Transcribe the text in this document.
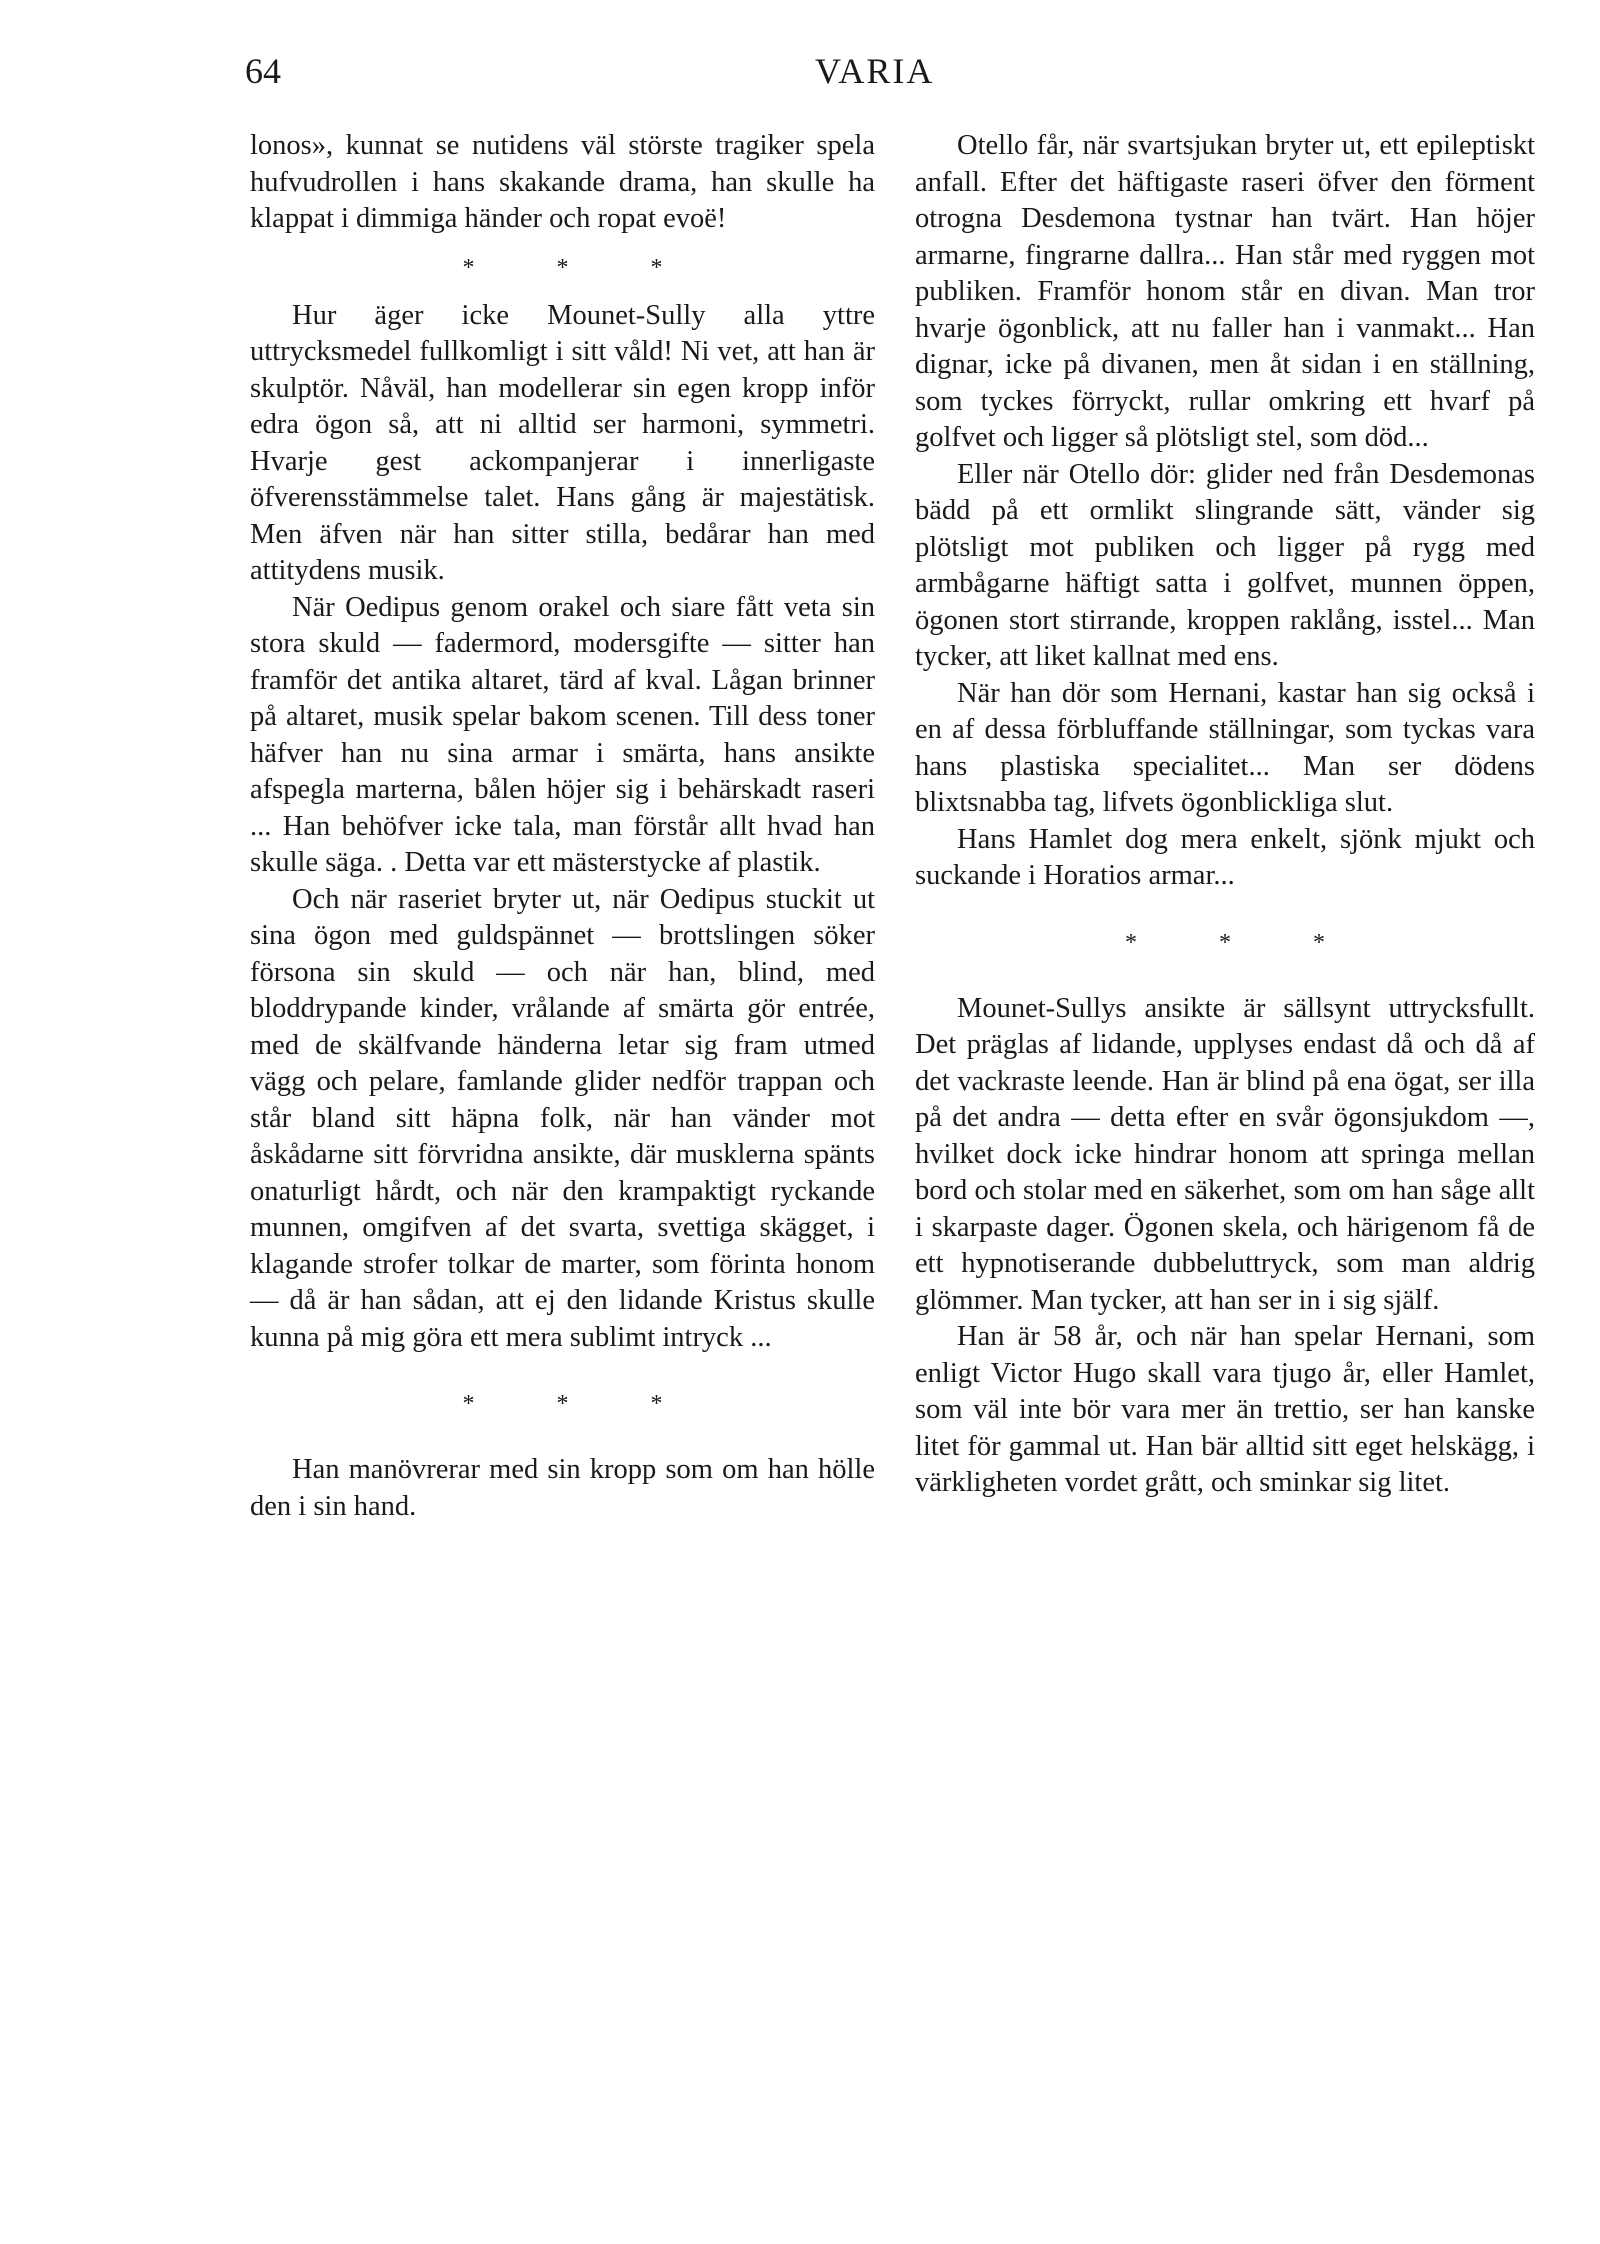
64	VARIA

lonos», kunnat se nutidens väl störste tragiker spela hufvudrollen i hans skakande drama, han skulle ha klappat i dimmiga händer och ropat evoë!

* * *

Hur äger icke Mounet-Sully alla yttre uttrycksmedel fullkomligt i sitt våld! Ni vet, att han är skulptör. Nåväl, han modellerar sin egen kropp inför edra ögon så, att ni alltid ser harmoni, symmetri. Hvarje gest ackompanjerar i innerligaste öfverensstämmelse talet. Hans gång är majestätisk. Men äfven när han sitter stilla, bedårar han med attitydens musik.

När Oedipus genom orakel och siare fått veta sin stora skuld — fadermord, modersgifte — sitter han framför det antika altaret, tärd af kval. Lågan brinner på altaret, musik spelar bakom scenen. Till dess toner häfver han nu sina armar i smärta, hans ansikte afspegla marterna, bålen höjer sig i behärskadt raseri ... Han behöfver icke tala, man förstår allt hvad han skulle säga. . Detta var ett mästerstycke af plastik.

Och när raseriet bryter ut, när Oedipus stuckit ut sina ögon med guldspännet — brottslingen söker försona sin skuld — och när han, blind, med bloddrypande kinder, vrålande af smärta gör entrée, med de skälfvande händerna letar sig fram utmed vägg och pelare, famlande glider nedför trappan och står bland sitt häpna folk, när han vänder mot åskådarne sitt förvridna ansikte, där musklerna spänts onaturligt hårdt, och när den krampaktigt ryckande munnen, omgifven af det svarta, svettiga skägget, i klagande strofer tolkar de marter, som förinta honom — då är han sådan, att ej den lidande Kristus skulle kunna på mig göra ett mera sublimt intryck ...

* * *

Han manövrerar med sin kropp som om han hölle den i sin hand.

Otello får, när svartsjukan bryter ut, ett epileptiskt anfall. Efter det häftigaste raseri öfver den förment otrogna Desdemona tystnar han tvärt. Han höjer armarne, fingrarne dallra... Han står med ryggen mot publiken. Framför honom står en divan. Man tror hvarje ögonblick, att nu faller han i vanmakt... Han dignar, icke på divanen, men åt sidan i en ställning, som tyckes förryckt, rullar omkring ett hvarf på golfvet och ligger så plötsligt stel, som död...

Eller när Otello dör: glider ned från Desdemonas bädd på ett ormlikt slingrande sätt, vänder sig plötsligt mot publiken och ligger på rygg med armbågarne häftigt satta i golfvet, munnen öppen, ögonen stort stirrande, kroppen raklång, isstel... Man tycker, att liket kallnat med ens.

När han dör som Hernani, kastar han sig också i en af dessa förbluffande ställningar, som tyckas vara hans plastiska specialitet... Man ser dödens blixtsnabba tag, lifvets ögonblickliga slut.

Hans Hamlet dog mera enkelt, sjönk mjukt och suckande i Horatios armar...

* * *

Mounet-Sullys ansikte är sällsynt uttrycksfullt. Det präglas af lidande, upplyses endast då och då af det vackraste leende. Han är blind på ena ögat, ser illa på det andra — detta efter en svår ögonsjukdom —, hvilket dock icke hindrar honom att springa mellan bord och stolar med en säkerhet, som om han såge allt i skarpaste dager. Ögonen skela, och härigenom få de ett hypnotiserande dubbeluttryck, som man aldrig glömmer. Man tycker, att han ser in i sig själf.

Han är 58 år, och när han spelar Hernani, som enligt Victor Hugo skall vara tjugo år, eller Hamlet, som väl inte bör vara mer än trettio, ser han kanske litet för gammal ut. Han bär alltid sitt eget helskägg, i värkligheten vordet grått, och sminkar sig litet.
